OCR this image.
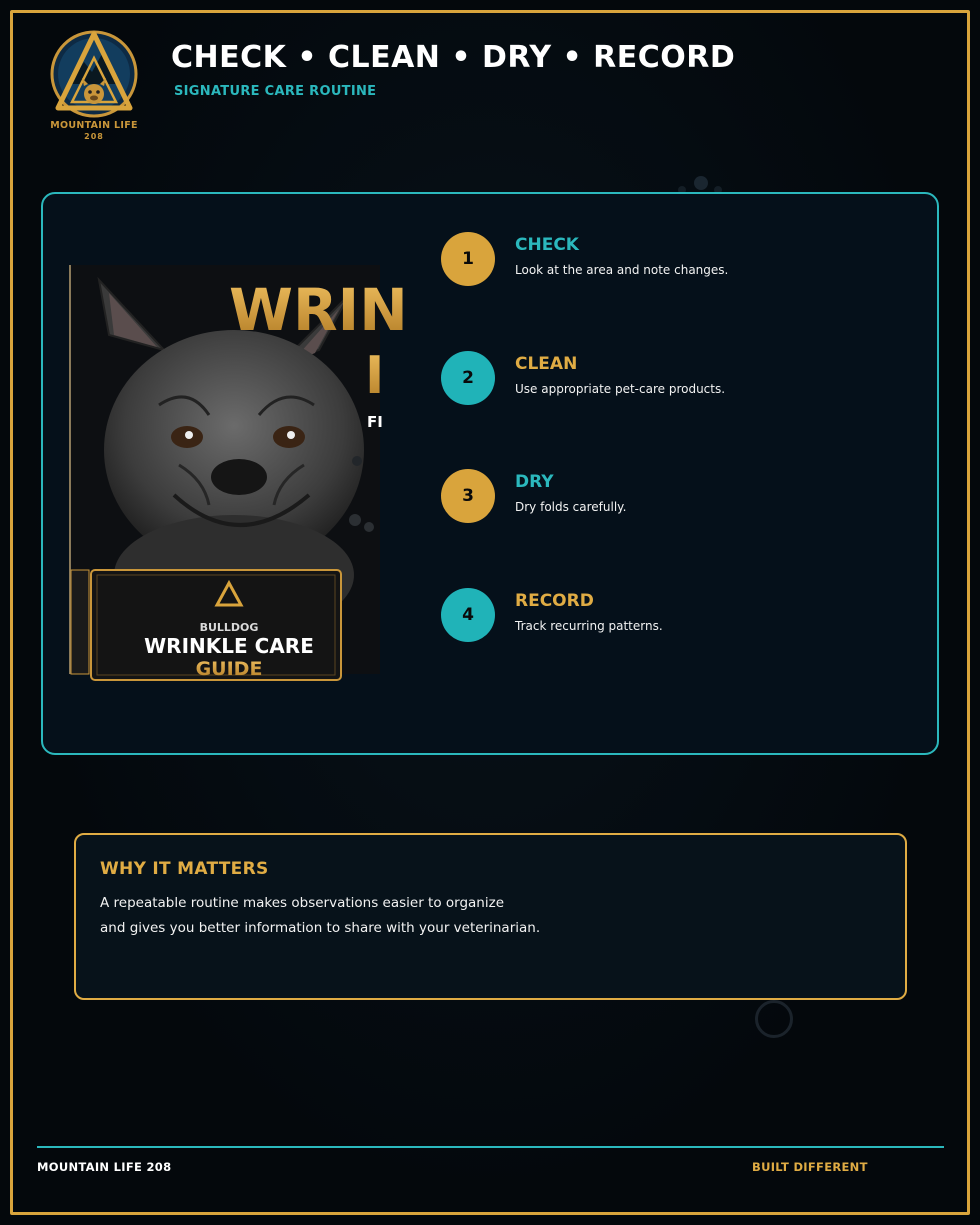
MOUNTAIN LIFE
208
CHECK • CLEAN • DRY • RECORD
SIGNATURE CARE ROUTINE
WRIN
I
FI
BULLDOG
WRINKLE CARE
GUIDE
1
CHECK
Look at the area and note changes.
2
CLEAN
Use appropriate pet-care products.
3
DRY
Dry folds carefully.
4
RECORD
Track recurring patterns.
WHY IT MATTERS
A repeatable routine makes observations easier to organize
and gives you better information to share with your veterinarian.
MOUNTAIN LIFE 208	BUILT DIFFERENT
